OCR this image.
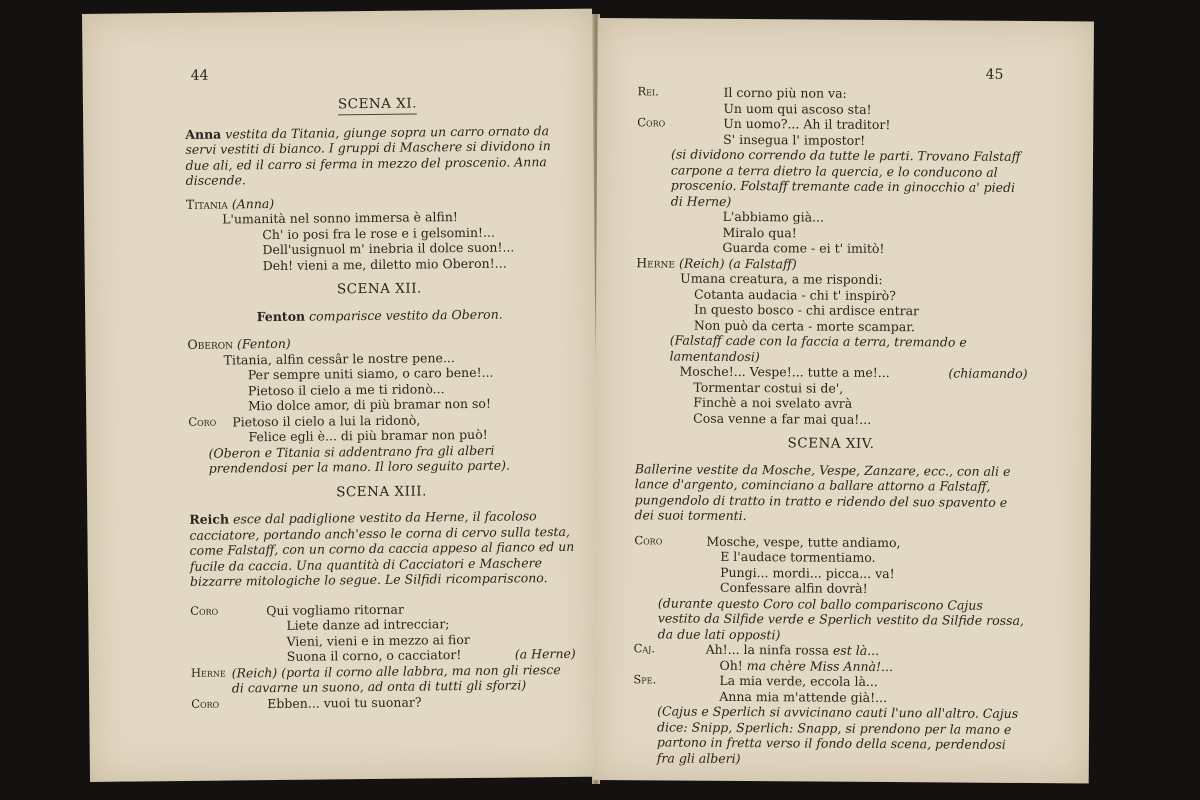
44
SCENA XI.
Anna vestita da Titania, giunge sopra un carro ornato da servi vestiti di bianco. I gruppi di Maschere si dividono in due ali, ed il carro si ferma in mezzo del proscenio. Anna discende.
Titania (Anna)
L'umanità nel sonno immersa è alfin!
Ch' io posi fra le rose e i gelsomin!...
Dell'usignuol m' inebria il dolce suon!...
Deh! vieni a me, diletto mio Oberon!...
SCENA XII.
Fenton comparisce vestito da Oberon.
Oberon (Fenton)
Titania, alfin cessâr le nostre pene...
Per sempre uniti siamo, o caro bene!...
Pietoso il cielo a me ti ridonò...
Mio dolce amor, di più bramar non so!
Coro	Pietoso il cielo a lui la ridonò,
Felice egli è... di più bramar non può!
(Oberon e Titania si addentrano fra gli alberi prendendosi per la mano. Il loro seguito parte).
SCENA XIII.
Reich esce dal padiglione vestito da Herne, il facoloso cacciatore, portando anch'esso le corna di cervo sulla testa, come Falstaff, con un corno da caccia appeso al fianco ed un fucile da caccia. Una quantità di Cacciatori e Maschere bizzarre mitologiche lo segue. Le Silfidi ricompariscono.
Coro	Qui vogliamo ritornar
Liete danze ad intrecciar;
Vieni, vieni e in mezzo ai fior
Suona il corno, o cacciator!	(a Herne)
Herne (Reich) (porta il corno alle labbra, ma non gli riesce di cavarne un suono, ad onta di tutti gli sforzi)
Coro	Ebben... vuoi tu suonar?
45
Rei.	Il corno più non va:
Un uom qui ascoso sta!
Coro	Un uomo?... Ah il traditor!
S' insegua l' impostor!
(si dividono correndo da tutte le parti. Trovano Falstaff carpone a terra dietro la quercia, e lo conducono al proscenio. Folstaff tremante cade in ginocchio a' piedi di Herne)
L'abbiamo già...
Miralo qua!
Guarda come - ei t' imitò!
Herne (Reich) (a Falstaff)
Umana creatura, a me rispondi:
Cotanta audacia - chi t' inspirò?
In questo bosco - chi ardisce entrar
Non può da certa - morte scampar.
(Falstaff cade con la faccia a terra, tremando e lamentandosi)
Mosche!... Vespe!... tutte a me!...	(chiamando)
Tormentar costui si de',
Finchè a noi svelato avrà
Cosa venne a far mai qua!...
SCENA XIV.
Ballerine vestite da Mosche, Vespe, Zanzare, ecc., con ali e lance d'argento, cominciano a ballare attorno a Falstaff, pungendolo di tratto in tratto e ridendo del suo spavento e dei suoi tormenti.
Coro	Mosche, vespe, tutte andiamo,
E l'audace tormentiamo.
Pungi... mordi... picca... va!
Confessare alfin dovrà!
(durante questo Coro col ballo compariscono Cajus vestito da Silfide verde e Sperlich vestito da Silfide rossa, da due lati opposti)
Caj.	Ah!... la ninfa rossa est là...
Oh! ma chère Miss Annà!...
Spe.	La mia verde, eccola là...
Anna mia m'attende già!...
(Cajus e Sperlich si avvicinano cauti l'uno all'altro. Cajus dice: Snipp, Sperlich: Snapp, si prendono per la mano e partono in fretta verso il fondo della scena, perdendosi fra gli alberi)
